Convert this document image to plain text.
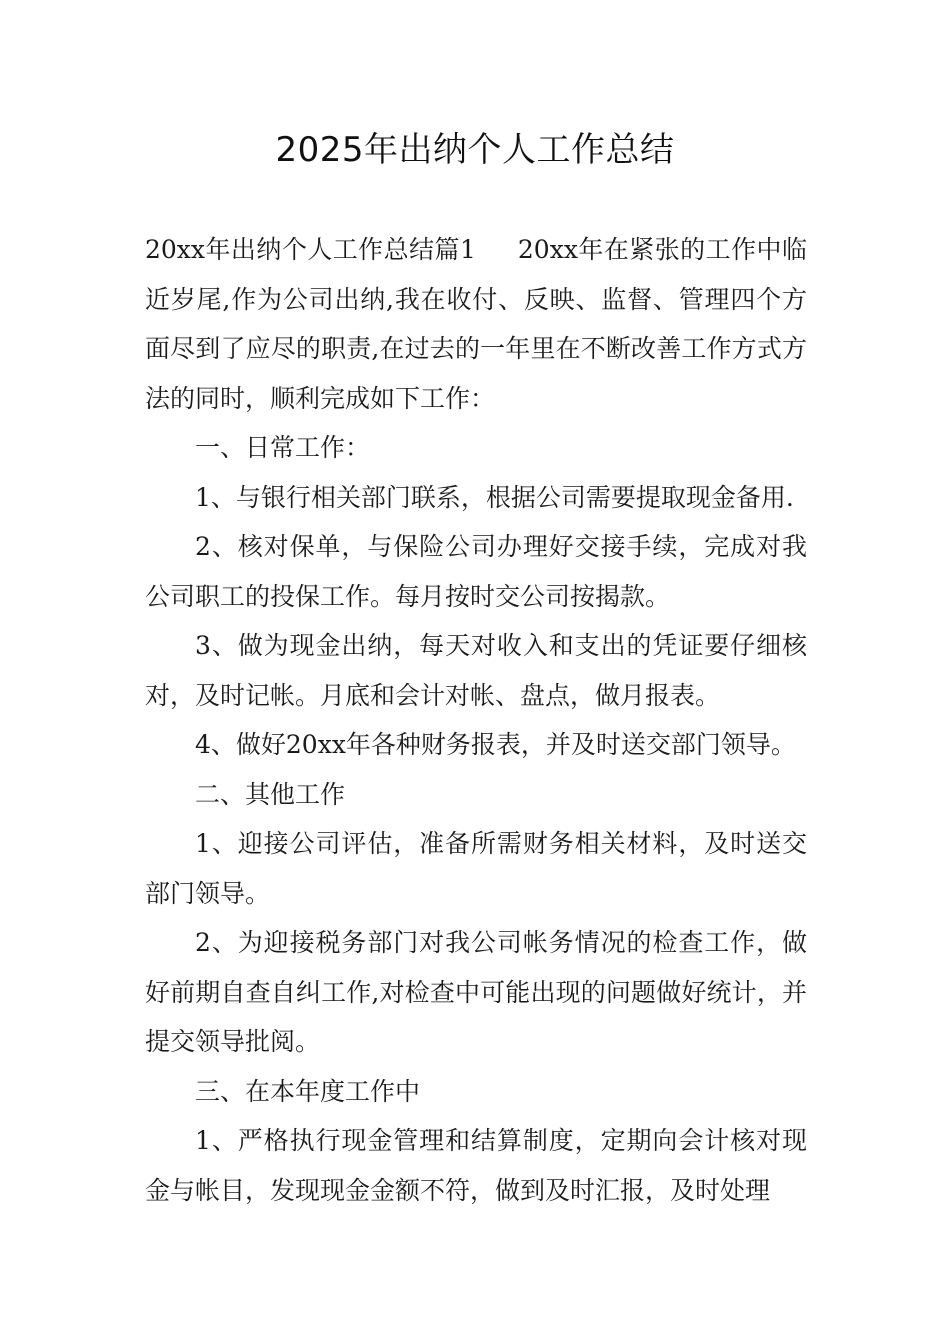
2025年出纳个人工作总结

20xx年出纳个人工作总结篇1 20xx年在紧张的工作中临近岁尾,作为公司出纳,我在收付、反映、监督、管理四个方面尽到了应尽的职责,在过去的一年里在不断改善工作方式方法的同时，顺利完成如下工作：

一、日常工作：

1、与银行相关部门联系，根据公司需要提取现金备用.

2、核对保单，与保险公司办理好交接手续，完成对我公司职工的投保工作。每月按时交公司按揭款。

3、做为现金出纳，每天对收入和支出的凭证要仔细核对，及时记帐。月底和会计对帐、盘点，做月报表。

4、做好20xx年各种财务报表，并及时送交部门领导。

二、其他工作

1、迎接公司评估，准备所需财务相关材料，及时送交部门领导。

2、为迎接税务部门对我公司帐务情况的检查工作，做好前期自查自纠工作,对检查中可能出现的问题做好统计，并提交领导批阅。

三、在本年度工作中

1、严格执行现金管理和结算制度，定期向会计核对现金与帐目，发现现金金额不符，做到及时汇报，及时处理
